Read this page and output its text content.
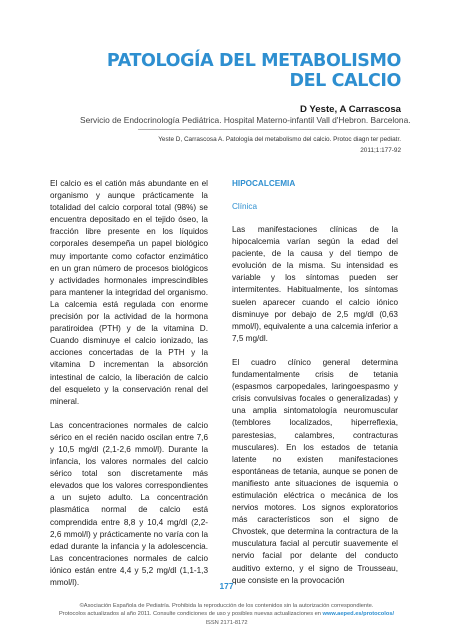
PATOLOGÍA DEL METABOLISMO
DEL CALCIO
D Yeste, A Carrascosa
Servicio de Endocrinología Pediátrica. Hospital Materno-infantil Vall d'Hebron. Barcelona.
Yeste D, Carrascosa A. Patología del metabolismo del calcio. Protoc diagn ter pediatr.
2011;1:177-92

El calcio es el catión más abundante en el organismo y aunque prácticamente la totalidad del calcio corporal total (98%) se encuentra depositado en el tejido óseo, la fracción libre presente en los líquidos corporales desempeña un papel biológico muy importante como cofactor enzimático en un gran número de procesos biológicos y actividades hormonales imprescindibles para mantener la integridad del organismo. La calcemia está regulada con enorme precisión por la actividad de la hormona paratiroidea (PTH) y de la vitamina D. Cuando disminuye el calcio ionizado, las acciones concertadas de la PTH y la vitamina D incrementan la absorción intestinal de calcio, la liberación de calcio del esqueleto y la conservación renal del mineral.

Las concentraciones normales de calcio sérico en el recién nacido oscilan entre 7,6 y 10,5 mg/dl (2,1-2,6 mmol/l). Durante la infancia, los valores normales del calcio sérico total son discretamente más elevados que los valores correspondientes a un sujeto adulto. La concentración plasmática normal de calcio está comprendida entre 8,8 y 10,4 mg/dl (2,2-2,6 mmol/l) y prácticamente no varía con la edad durante la infancia y la adolescencia. Las concentraciones normales de calcio iónico están entre 4,4 y 5,2 mg/dl (1,1-1,3 mmol/l).

HIPOCALCEMIA
Clínica

Las manifestaciones clínicas de la hipocalcemia varían según la edad del paciente, de la causa y del tiempo de evolución de la misma. Su intensidad es variable y los síntomas pueden ser intermitentes. Habitualmente, los síntomas suelen aparecer cuando el calcio iónico disminuye por debajo de 2,5 mg/dl (0,63 mmol/l), equivalente a una calcemia inferior a 7,5 mg/dl.

El cuadro clínico general determina fundamentalmente crisis de tetania (espasmos carpopedales, laringoespasmo y crisis convulsivas focales o generalizadas) y una amplia sintomatología neuromuscular (temblores localizados, hiperreflexia, parestesias, calambres, contracturas musculares). En los estados de tetania latente no existen manifestaciones espontáneas de tetania, aunque se ponen de manifiesto ante situaciones de isquemia o estimulación eléctrica o mecánica de los nervios motores. Los signos exploratorios más característicos son el signo de Chvostek, que determina la contractura de la musculatura facial al percutir suavemente el nervio facial por delante del conducto auditivo externo, y el signo de Trousseau, que consiste en la provocación

177
©Asociación Española de Pediatría. Prohibida la reproducción de los contenidos sin la autorización correspondiente.
Protocolos actualizados al año 2011. Consulte condiciones de uso y posibles nuevas actualizaciones en www.aeped.es/protocolos/
ISSN 2171-8172
